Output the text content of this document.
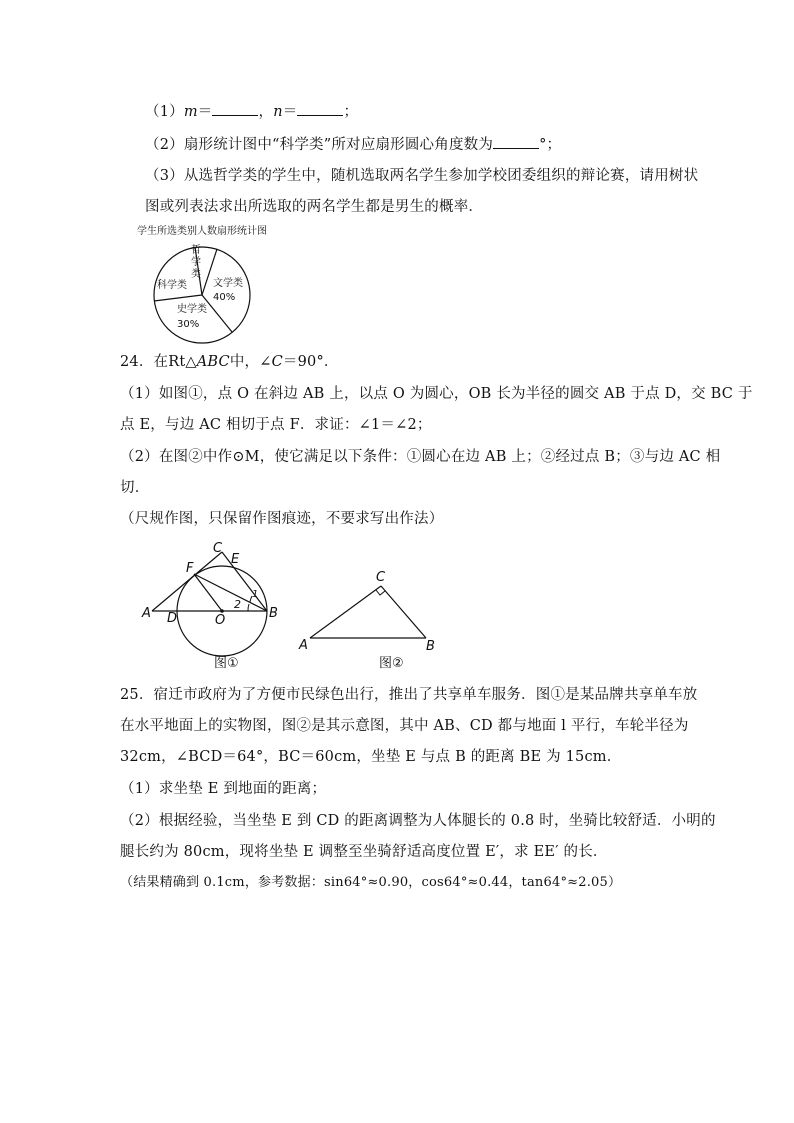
（1）m＝	，n＝	；
（2）扇形统计图中“科学类”所对应扇形圆心角度数为	°；
（3）从选哲学类的学生中，随机选取两名学生参加学校团委组织的辩论赛，请用树状
图或列表法求出所选取的两名学生都是男生的概率．
学生所选类别人数扇形统计图
哲
学
类
文学类
40%
史学类
30%
科学类
24．在Rt△ABC中，∠C＝90°．
（1）如图①，点 O 在斜边 AB 上，以点 O 为圆心，OB 长为半径的圆交 AB 于点 D，交 BC 于
点 E，与边 AC 相切于点 F．求证：∠1＝∠2；
（2）在图②中作⊙M，使它满足以下条件：①圆心在边 AB 上；②经过点 B；③与边 AC 相
切．
（尺规作图，只保留作图痕迹，不要求写出作法）
A D	O	B
C
E
F
1
2
图①
A	B
C
图②
25．宿迁市政府为了方便市民绿色出行，推出了共享单车服务．图①是某品牌共享单车放
在水平地面上的实物图，图②是其示意图，其中 AB、CD 都与地面 l 平行，车轮半径为
32cm，∠BCD＝64°，BC＝60cm，坐垫 E 与点 B 的距离 BE 为 15cm．
（1）求坐垫 E 到地面的距离；
（2）根据经验，当坐垫 E 到 CD 的距离调整为人体腿长的 0.8 时，坐骑比较舒适．小明的
腿长约为 80cm，现将坐垫 E 调整至坐骑舒适高度位置 E′，求 EE′ 的长．
（结果精确到 0.1cm，参考数据：sin64°≈0.90，cos64°≈0.44，tan64°≈2.05）
